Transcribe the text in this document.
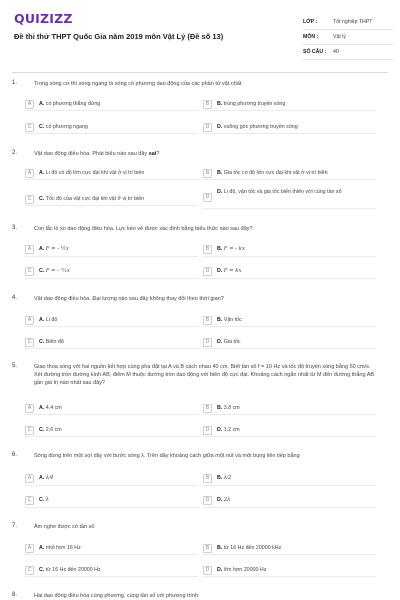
QUIZIZZ
Đề thi thử THPT Quốc Gia năm 2019 môn Vật Lý (Đề số 13)
LỚP :	Tốt nghiệp THPT
MÔN :	Vật lý
SỐ CÂU :	40
1.	Trong sóng cơ thì sóng ngang là sóng có phương dao động của các phần tử vật chất
A	A. có phương thẳng đứng	B	B. trùng phương truyền sóng
C	C. có phương ngang	D	D. vuông góc phương truyền sóng
2.	Vật dao động điều hòa. Phát biểu nào sau đây sai?
A	A. Li độ có độ lớn cực đại khi vật ở vị trí biên	B	B. Gia tốc có độ lớn cực đại khi vật ở vị trí biên
C	C. Tốc độ của vật cực đại khi vật ở vị trí biên	D
D. Li độ, vận tốc và gia tốc biến thiên với cùng tần số
3.	Con lắc lò xo dao động điều hòa. Lực kéo về được xác định bằng biểu thức nào sau đây?
A	A. F = - ½x	B	B. F = - kx
C	C. F = - ᵐ⁄ₖx	D	D. F = kx
4.	Vật dao động điều hòa. Đại lượng nào sau đây không thay đổi theo thời gian?
A	A. Li độ	B	B. Vận tốc
C	C. Biên độ	D	D. Gia tốc
5.	Giao thoa sóng với hai nguồn kết hợp cùng pha đặt tại A và B cách nhau 40 cm. Biết tần số f = 10 Hz và tốc độ truyền sóng bằng 60 cm/s. Xét đường tròn đường kính AB, điểm M thuộc đường tròn dao động với biên độ cực đại. Khoảng cách ngắn nhất từ M đến đường thẳng AB gần giá trị nào nhất sau đây?
A	A. 4,4 cm	B	B. 3,8 cm
C	C. 2,6 cm	D	D. 1,2 cm
6.	Sóng dừng trên một sợi dây với bước sóng λ. Trên dây khoảng cách giữa một nút và một bụng liên tiếp bằng
A	A. λ⁄4	B	B. λ⁄2
C	C. λ	D	D. 2λ
7.	Âm nghe được có tần số
A	A. nhỏ hơn 16 Hz	B	B. từ 16 Hz đến 20000 kHz
C	C. từ 16 Hz đến 20000 Hz	D	D. lớn hơn 20000 Hz
8.	Hai dao động điều hòa cùng phương, cùng tần số với phương trình:
